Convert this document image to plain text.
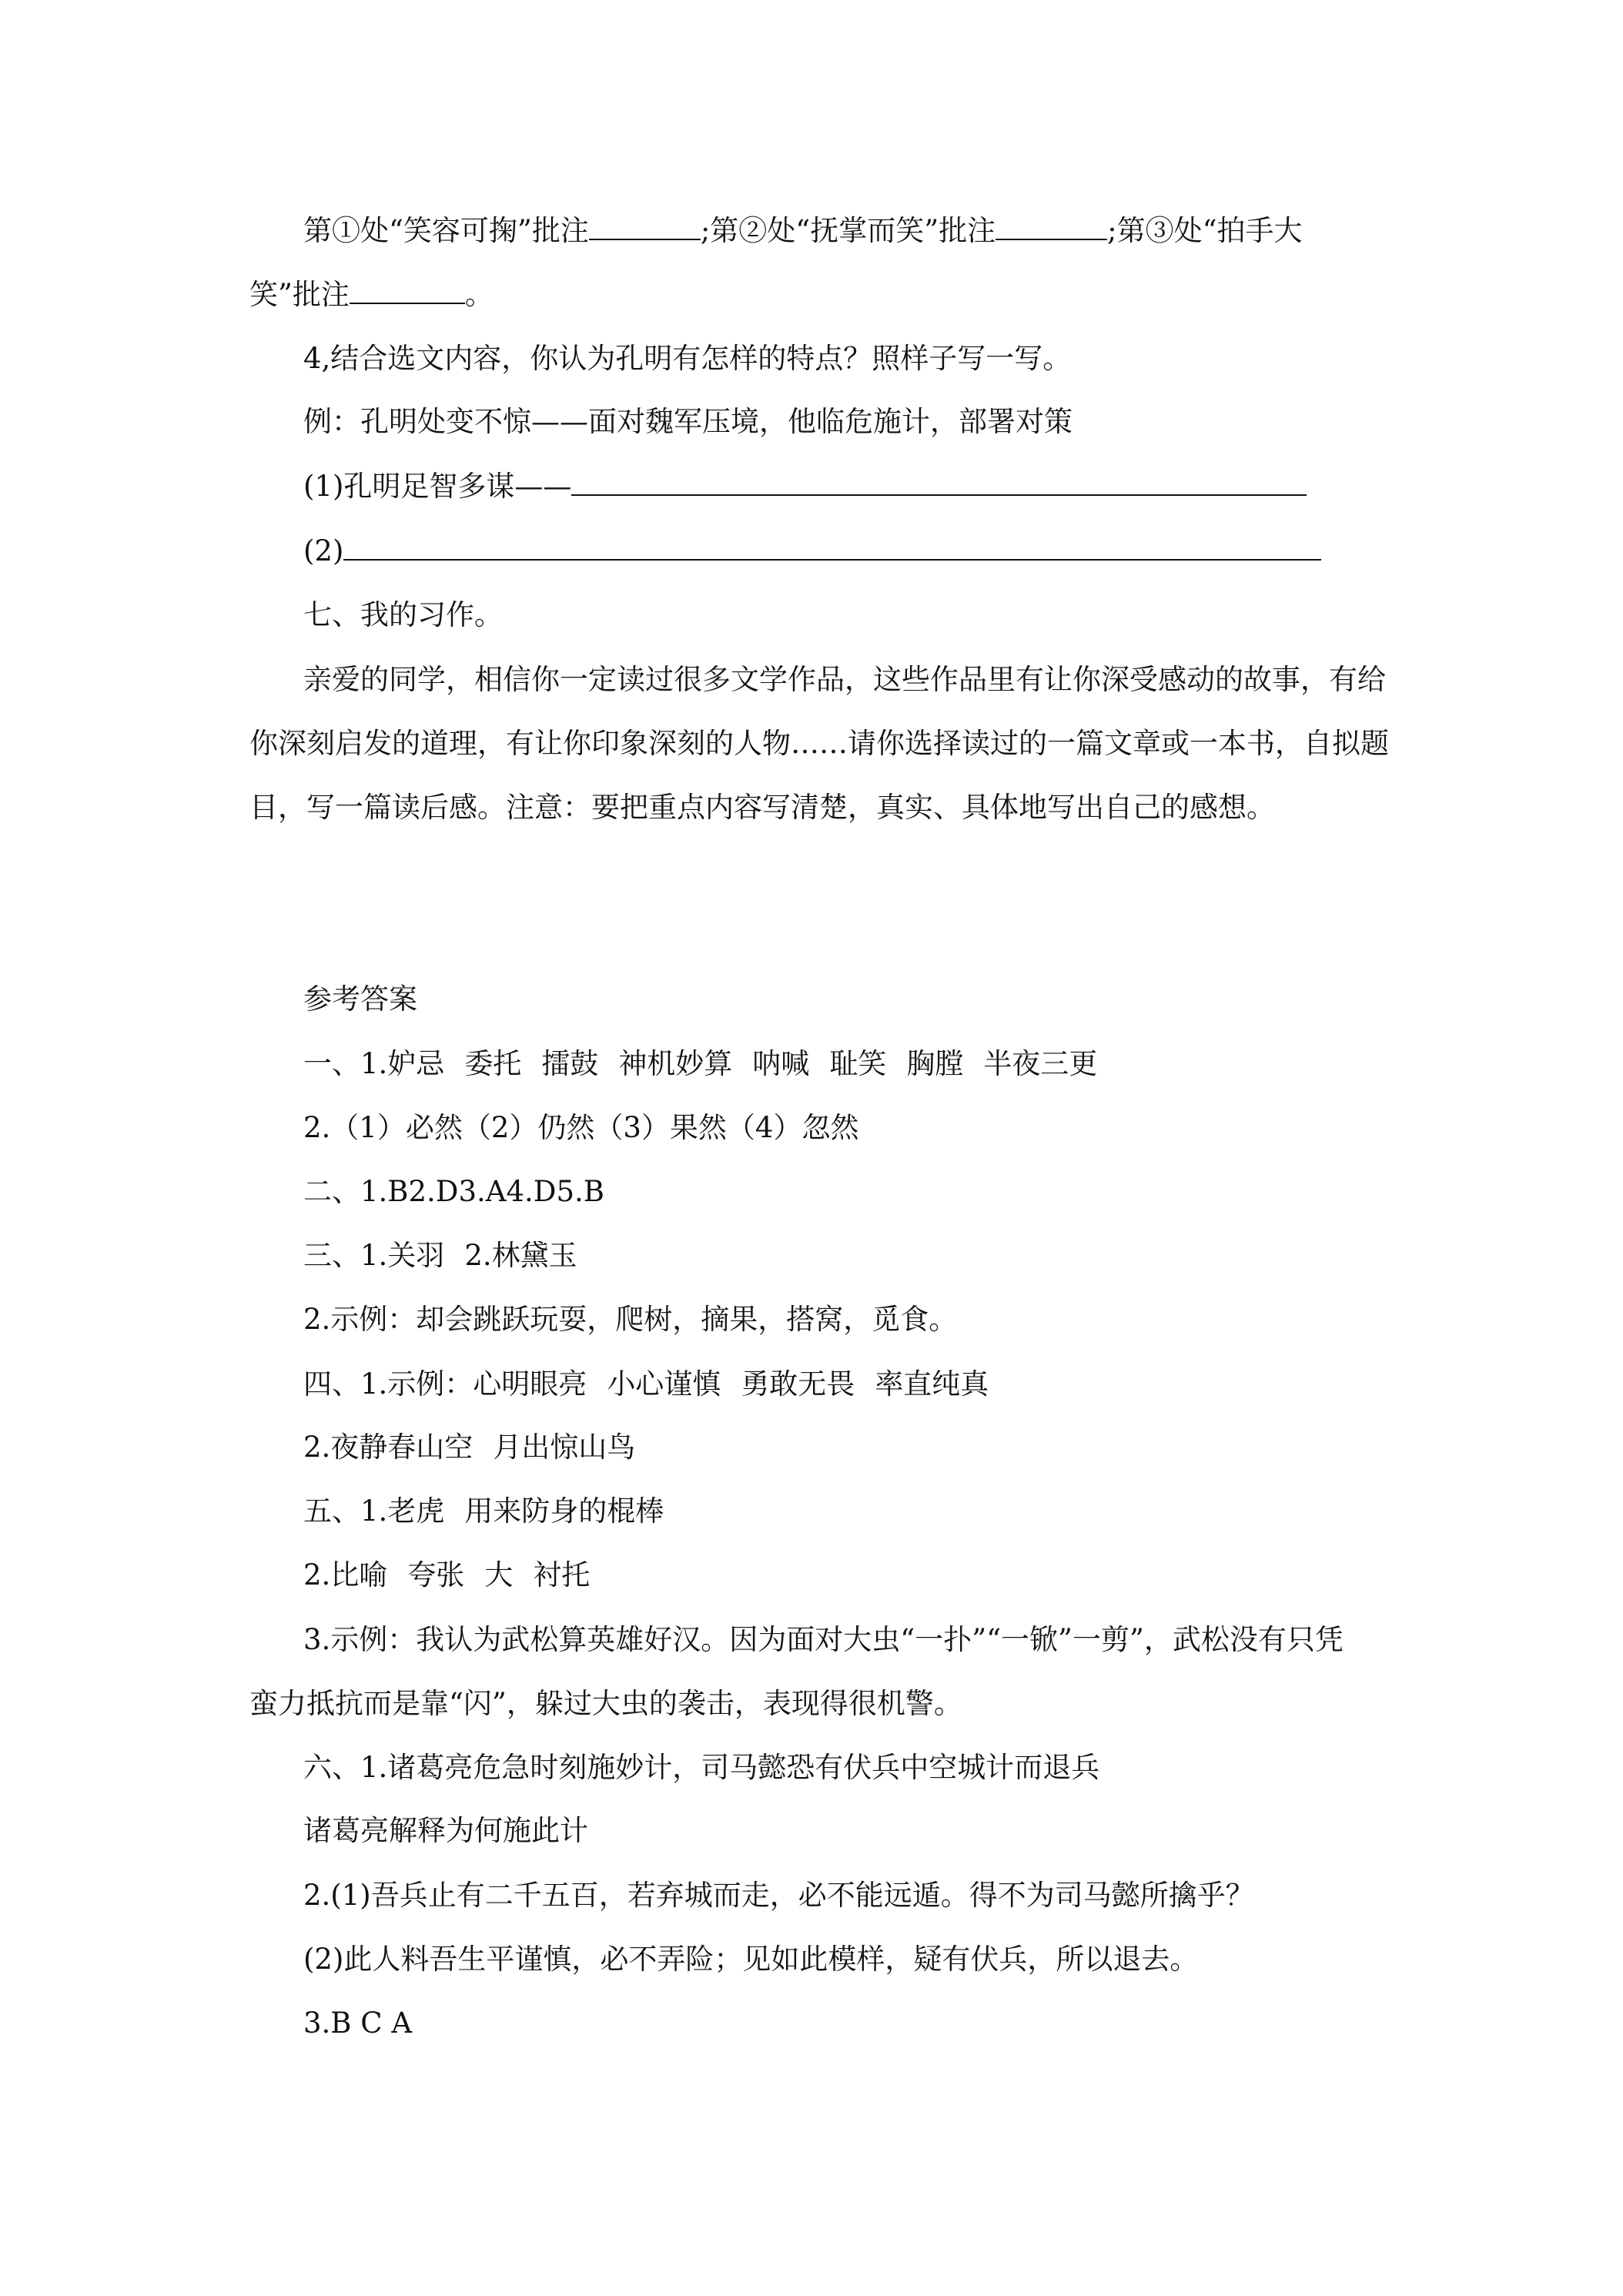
第①处“笑容可掬”批注	;第②处“抚掌而笑”批注	;第③处“拍手大
笑”批注	。
4,结合选文内容，你认为孔明有怎样的特点？照样子写一写。
例：孔明处变不惊——面对魏军压境，他临危施计，部署对策
(1)孔明足智多谋——
(2)
七、我的习作。
亲爱的同学，相信你一定读过很多文学作品，这些作品里有让你深受感动的故事，有给
你深刻启发的道理，有让你印象深刻的人物……请你选择读过的一篇文章或一本书，自拟题
目，写一篇读后感。注意：要把重点内容写清楚，真实、具体地写出自己的感想。
参考答案
一、1.妒忌 委托 擂鼓 神机妙算 呐喊 耻笑 胸膛 半夜三更
2.（1）必然（2）仍然（3）果然（4）忽然
二、1.B2.D3.A4.D5.B
三、1.关羽 2.林黛玉
2.示例：却会跳跃玩耍，爬树，摘果，搭窝，觅食。
四、1.示例：心明眼亮 小心谨慎 勇敢无畏 率直纯真
2.夜静春山空 月出惊山鸟
五、1.老虎 用来防身的棍棒
2.比喻 夸张 大 衬托
3.示例：我认为武松算英雄好汉。因为面对大虫“一扑”“一锨”一剪”，武松没有只凭
蛮力抵抗而是靠“闪”，躲过大虫的袭击，表现得很机警。
六、1.诸葛亮危急时刻施妙计，司马懿恐有伏兵中空城计而退兵
诸葛亮解释为何施此计
2.(1)吾兵止有二千五百，若弃城而走，必不能远遁。得不为司马懿所擒乎？
(2)此人料吾生平谨慎，必不弄险；见如此模样，疑有伏兵，所以退去。
3.B C A
